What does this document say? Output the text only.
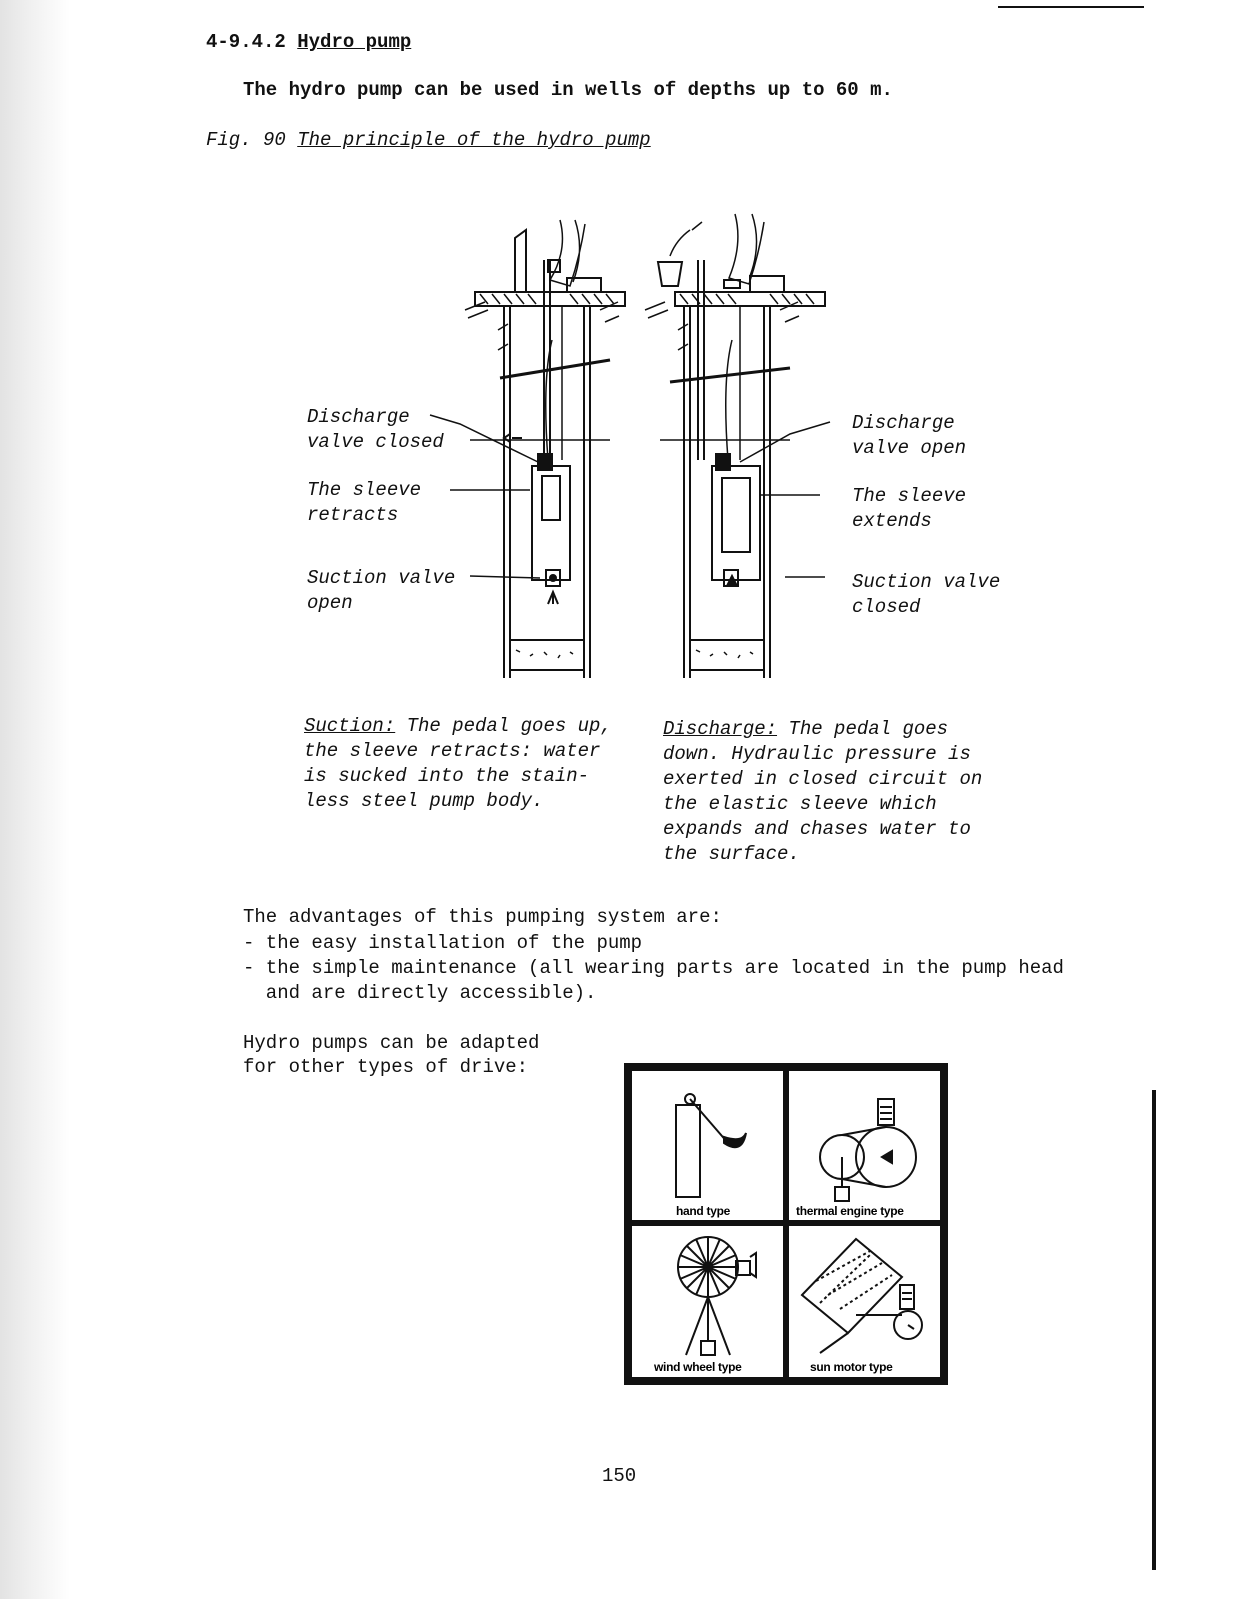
4-9.4.2 Hydro pump
The hydro pump can be used in wells of depths up to 60 m.
Fig. 90 The principle of the hydro pump
Discharge
valve closed
The sleeve
retracts
Suction valve
open
Discharge
valve open
The sleeve
extends
Suction valve
closed
Suction: The pedal goes up,
the sleeve retracts: water
is sucked into the stain-
less steel pump body.
Discharge: The pedal goes
down. Hydraulic pressure is
exerted in closed circuit on
the elastic sleeve which
expands and chases water to
the surface.
The advantages of this pumping system are:
- the easy installation of the pump
- the simple maintenance (all wearing parts are located in the pump head
and are directly accessible).
Hydro pumps can be adapted
for other types of drive:
hand type	thermal engine type
wind wheel type	sun motor type
150
